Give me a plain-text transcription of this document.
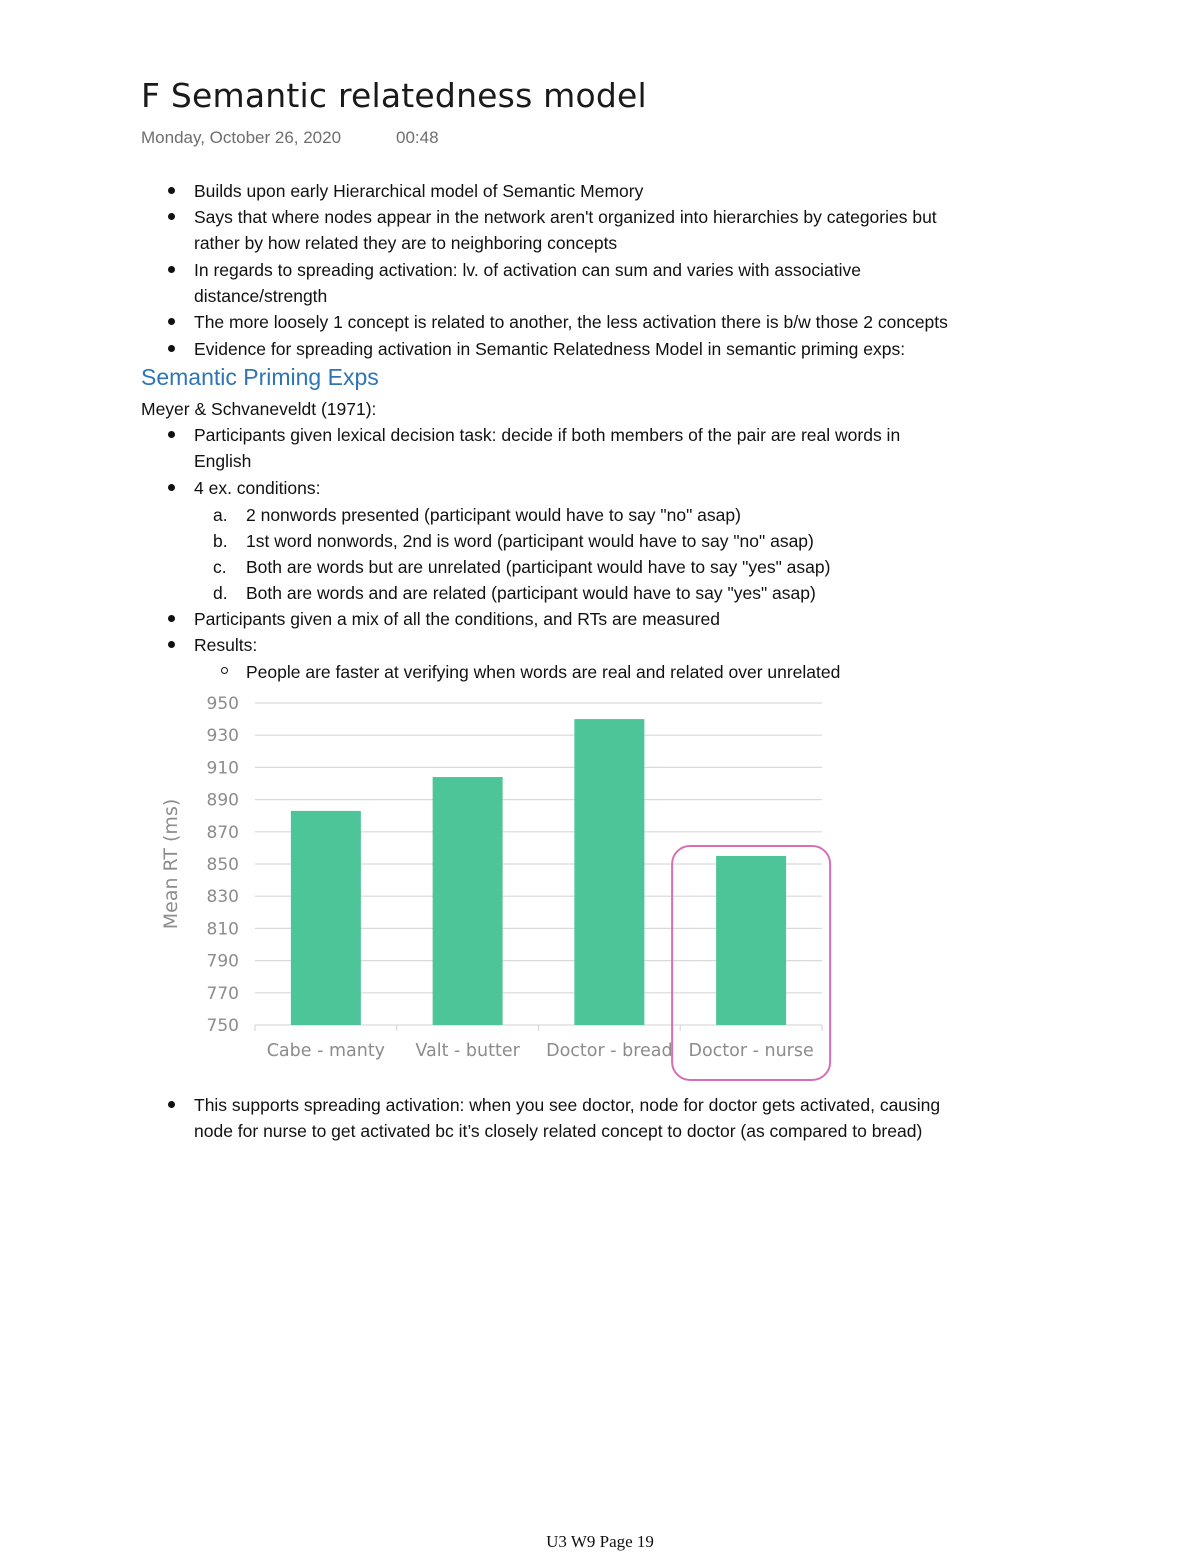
F Semantic relatedness model
Monday, October 26, 2020	00:48
Builds upon early Hierarchical model of Semantic Memory
Says that where nodes appear in the network aren't organized into hierarchies by categories but
rather by how related they are to neighboring concepts
In regards to spreading activation: lv. of activation can sum and varies with associative
distance/strength
The more loosely 1 concept is related to another, the less activation there is b/w those 2 concepts
Evidence for spreading activation in Semantic Relatedness Model in semantic priming exps:
Semantic Priming Exps
Meyer & Schvaneveldt (1971):
Participants given lexical decision task: decide if both members of the pair are real words in
English
4 ex. conditions:
a. 2 nonwords presented (participant would have to say "no" asap)
b. 1st word nonwords, 2nd is word (participant would have to say "no" asap)
c. Both are words but are unrelated (participant would have to say "yes" asap)
d. Both are words and are related (participant would have to say "yes" asap)
Participants given a mix of all the conditions, and RTs are measured
Results:
People are faster at verifying when words are real and related over unrelated
950
930
910
890
870
850
830
810
790
770
750
Mean RT (ms)
Cabe - manty Valt - butter Doctor - bread Doctor - nurse
This supports spreading activation: when you see doctor, node for doctor gets activated, causing
node for nurse to get activated bc it’s closely related concept to doctor (as compared to bread)
U3 W9 Page 19
